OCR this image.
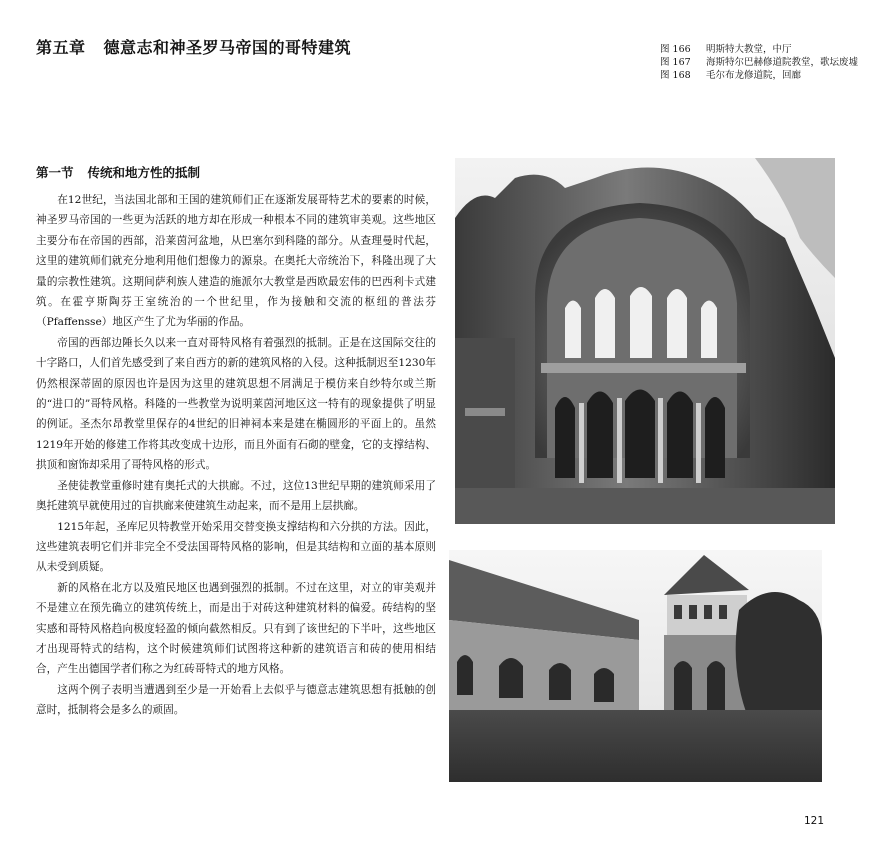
第五章 德意志和神圣罗马帝国的哥特建筑	图 166	明斯特大教堂，中厅
图 167	海斯特尔巴赫修道院教堂，歌坛废墟
图 168	毛尔布龙修道院，回廊
第一节 传统和地方性的抵制

在12世纪，当法国北部和王国的建筑师们正在逐渐发展哥特艺术的要素的时候，神圣罗马帝国的一些更为活跃的地方却在形成一种根本不同的建筑审美观。这些地区主要分布在帝国的西部，沿莱茵河盆地，从巴塞尔到科隆的部分。从查理曼时代起，这里的建筑师们就充分地利用他们想像力的源泉。在奥托大帝统治下，科隆出现了大量的宗教性建筑。这期间萨利族人建造的施派尔大教堂是西欧最宏伟的巴西利卡式建筑。在霍亨斯陶芬王室统治的一个世纪里，作为接触和交流的枢纽的普法芬（Pfaffensse）地区产生了尤为华丽的作品。

帝国的西部边陲长久以来一直对哥特风格有着强烈的抵制。正是在这国际交往的十字路口，人们首先感受到了来自西方的新的建筑风格的入侵。这种抵制迟至1230年仍然根深蒂固的原因也许是因为这里的建筑思想不屑满足于模仿来自纱特尔或兰斯的“进口的”哥特风格。科隆的一些教堂为说明莱茵河地区这一特有的现象提供了明显的例证。圣杰尔昂教堂里保存的4世纪的旧神祠本来是建在椭圆形的平面上的。虽然1219年开始的修建工作将其改变成十边形，而且外面有石砌的壁龛，它的支撑结构、拱顶和窗饰却采用了哥特风格的形式。

圣使徒教堂重修时建有奥托式的大拱廊。不过，这位13世纪早期的建筑师采用了奥托建筑早就使用过的盲拱廊来使建筑生动起来，而不是用上层拱廊。

1215年起，圣库尼贝特教堂开始采用交替变换支撑结构和六分拱的方法。因此，这些建筑表明它们并非完全不受法国哥特风格的影响，但是其结构和立面的基本原则从未受到质疑。

新的风格在北方以及殖民地区也遇到强烈的抵制。不过在这里，对立的审美观并不是建立在预先确立的建筑传统上，而是出于对砖这种建筑材料的偏爱。砖结构的坚实感和哥特风格趋向极度轻盈的倾向截然相反。只有到了该世纪的下半叶，这些地区才出现哥特式的结构，这个时候建筑师们试图将这种新的建筑语言和砖的使用相结合，产生出德国学者们称之为红砖哥特式的地方风格。

这两个例子表明当遭遇到至少是一开始看上去似乎与德意志建筑思想有抵触的创意时，抵制将会是多么的顽固。

121
